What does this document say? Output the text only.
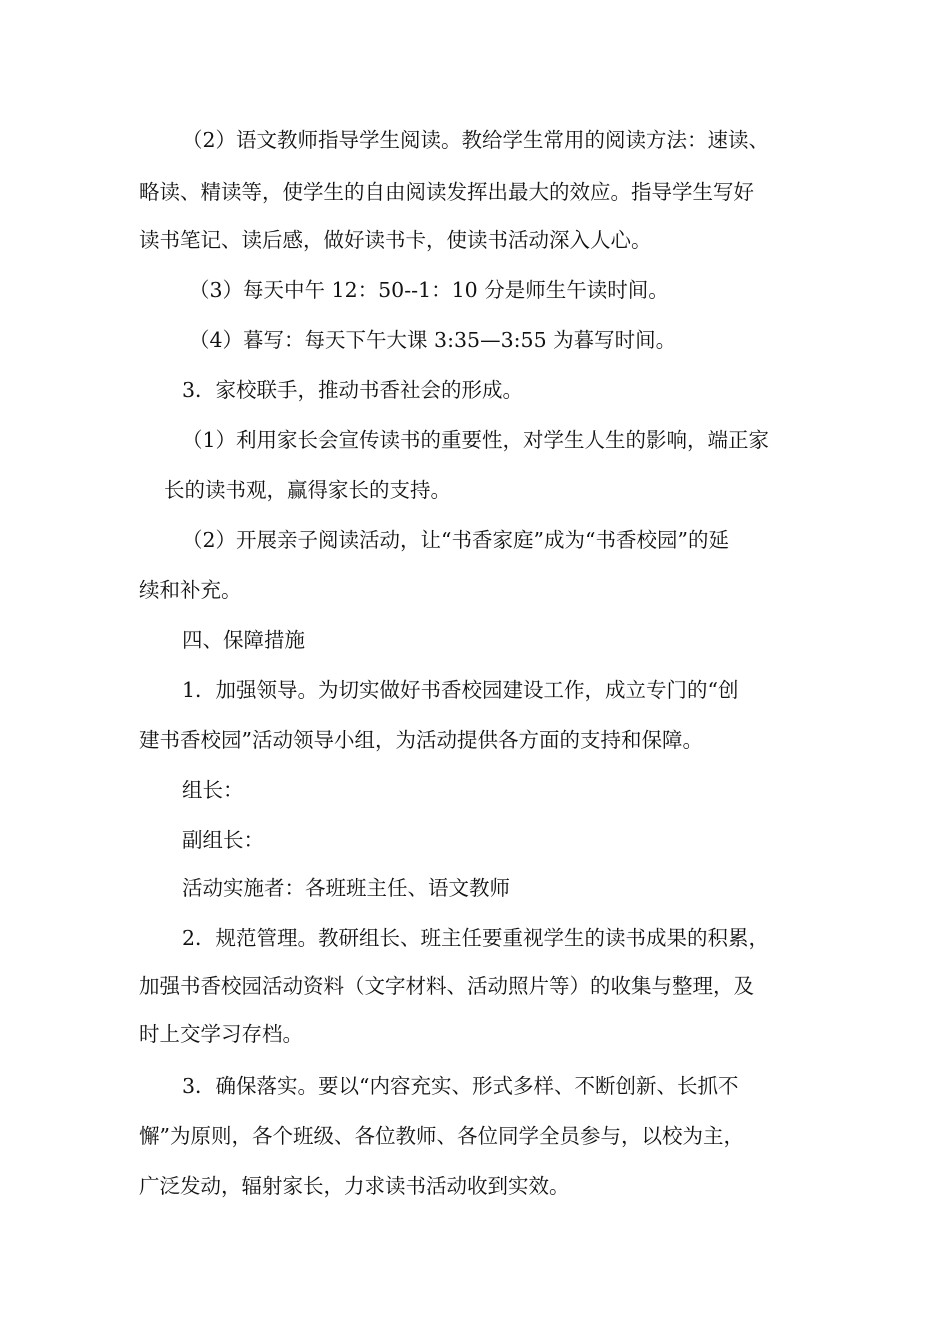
（2）语文教师指导学生阅读。教给学生常用的阅读方法：速读、
略读、精读等，使学生的自由阅读发挥出最大的效应。指导学生写好
读书笔记、读后感，做好读书卡，使读书活动深入人心。
（3）每天中午 12：50--1：10 分是师生午读时间。
（4）暮写：每天下午大课 3:35—3:55 为暮写时间。
3．家校联手，推动书香社会的形成。
（1）利用家长会宣传读书的重要性，对学生人生的影响，端正家
长的读书观，赢得家长的支持。
（2）开展亲子阅读活动，让“书香家庭”成为“书香校园”的延
续和补充。
四、保障措施
1．加强领导。为切实做好书香校园建设工作，成立专门的“创
建书香校园”活动领导小组，为活动提供各方面的支持和保障。
组长：
副组长：
活动实施者：各班班主任、语文教师
2．规范管理。教研组长、班主任要重视学生的读书成果的积累，
加强书香校园活动资料（文字材料、活动照片等）的收集与整理，及
时上交学习存档。
3．确保落实。要以“内容充实、形式多样、不断创新、长抓不
懈”为原则，各个班级、各位教师、各位同学全员参与，以校为主，
广泛发动，辐射家长，力求读书活动收到实效。
